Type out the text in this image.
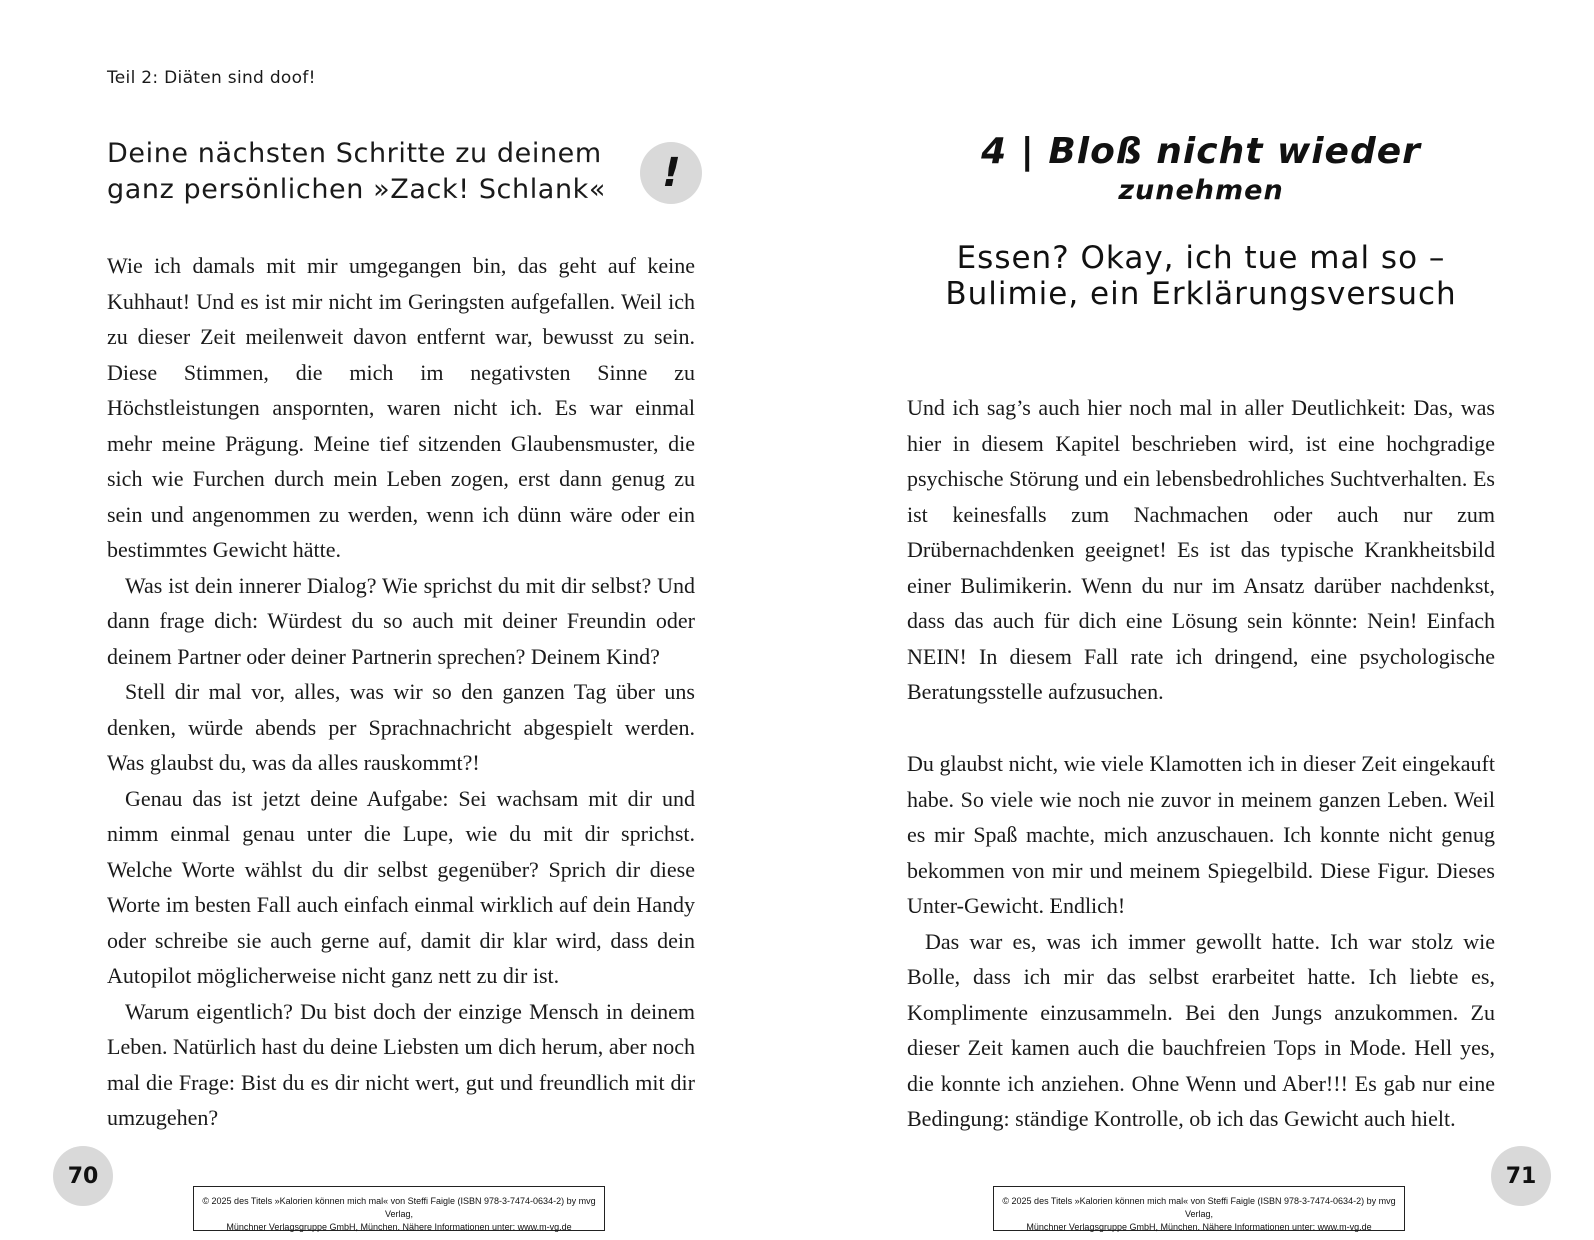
Teil 2: Diäten sind doof!
Deine nächsten Schritte zu deinem
ganz persönlichen »Zack! Schlank«	!

Wie ich damals mit mir umgegangen bin, das geht auf keine Kuhhaut! Und es ist mir nicht im Geringsten aufgefallen. Weil ich zu dieser Zeit meilenweit davon entfernt war, bewusst zu sein. Diese Stimmen, die mich im negativsten Sinne zu Höchstleistungen anspornten, waren nicht ich. Es war einmal mehr meine Prägung. Meine tief sitzenden Glaubensmuster, die sich wie Furchen durch mein Leben zogen, erst dann genug zu sein und angenommen zu werden, wenn ich dünn wäre oder ein bestimmtes Gewicht hätte.

Was ist dein innerer Dialog? Wie sprichst du mit dir selbst? Und dann frage dich: Würdest du so auch mit deiner Freundin oder deinem Partner oder deiner Partnerin sprechen? Deinem Kind?

Stell dir mal vor, alles, was wir so den ganzen Tag über uns denken, würde abends per Sprachnachricht abgespielt werden. Was glaubst du, was da alles rauskommt?!

Genau das ist jetzt deine Aufgabe: Sei wachsam mit dir und nimm einmal genau unter die Lupe, wie du mit dir sprichst. Welche Worte wählst du dir selbst gegenüber? Sprich dir diese Worte im besten Fall auch einfach einmal wirklich auf dein Handy oder schreibe sie auch gerne auf, damit dir klar wird, dass dein Autopilot möglicherweise nicht ganz nett zu dir ist.

Warum eigentlich? Du bist doch der einzige Mensch in deinem Leben. Natürlich hast du deine Liebsten um dich herum, aber noch mal die Frage: Bist du es dir nicht wert, gut und freundlich mit dir umzugehen?

70
© 2025 des Titels »Kalorien können mich mal« von Steffi Faigle (ISBN 978-3-7474-0634-2) by mvg Verlag,
Münchner Verlagsgruppe GmbH, München. Nähere Informationen unter: www.m-vg.de
4 | Bloß nicht wieder
zunehmen
Essen? Okay, ich tue mal so –
Bulimie, ein Erklärungsversuch

Und ich sag’s auch hier noch mal in aller Deutlichkeit: Das, was hier in diesem Kapitel beschrieben wird, ist eine hochgradige psychische Störung und ein lebensbedrohliches Suchtverhalten. Es ist keinesfalls zum Nachmachen oder auch nur zum Drübernachdenken geeignet! Es ist das typische Krankheitsbild einer Bulimikerin. Wenn du nur im Ansatz darüber nachdenkst, dass das auch für dich eine Lösung sein könnte: Nein! Einfach NEIN! In diesem Fall rate ich dringend, eine psychologische Beratungsstelle aufzusuchen.

Du glaubst nicht, wie viele Klamotten ich in dieser Zeit eingekauft habe. So viele wie noch nie zuvor in meinem ganzen Leben. Weil es mir Spaß machte, mich anzuschauen. Ich konnte nicht genug bekommen von mir und meinem Spiegelbild. Diese Figur. Dieses Unter-Gewicht. Endlich!

Das war es, was ich immer gewollt hatte. Ich war stolz wie Bolle, dass ich mir das selbst erarbeitet hatte. Ich liebte es, Komplimente einzusammeln. Bei den Jungs anzukommen. Zu dieser Zeit kamen auch die bauchfreien Tops in Mode. Hell yes, die konnte ich anziehen. Ohne Wenn und Aber!!! Es gab nur eine Bedingung: ständige Kontrolle, ob ich das Gewicht auch hielt.

71
© 2025 des Titels »Kalorien können mich mal« von Steffi Faigle (ISBN 978-3-7474-0634-2) by mvg Verlag,
Münchner Verlagsgruppe GmbH, München. Nähere Informationen unter: www.m-vg.de
